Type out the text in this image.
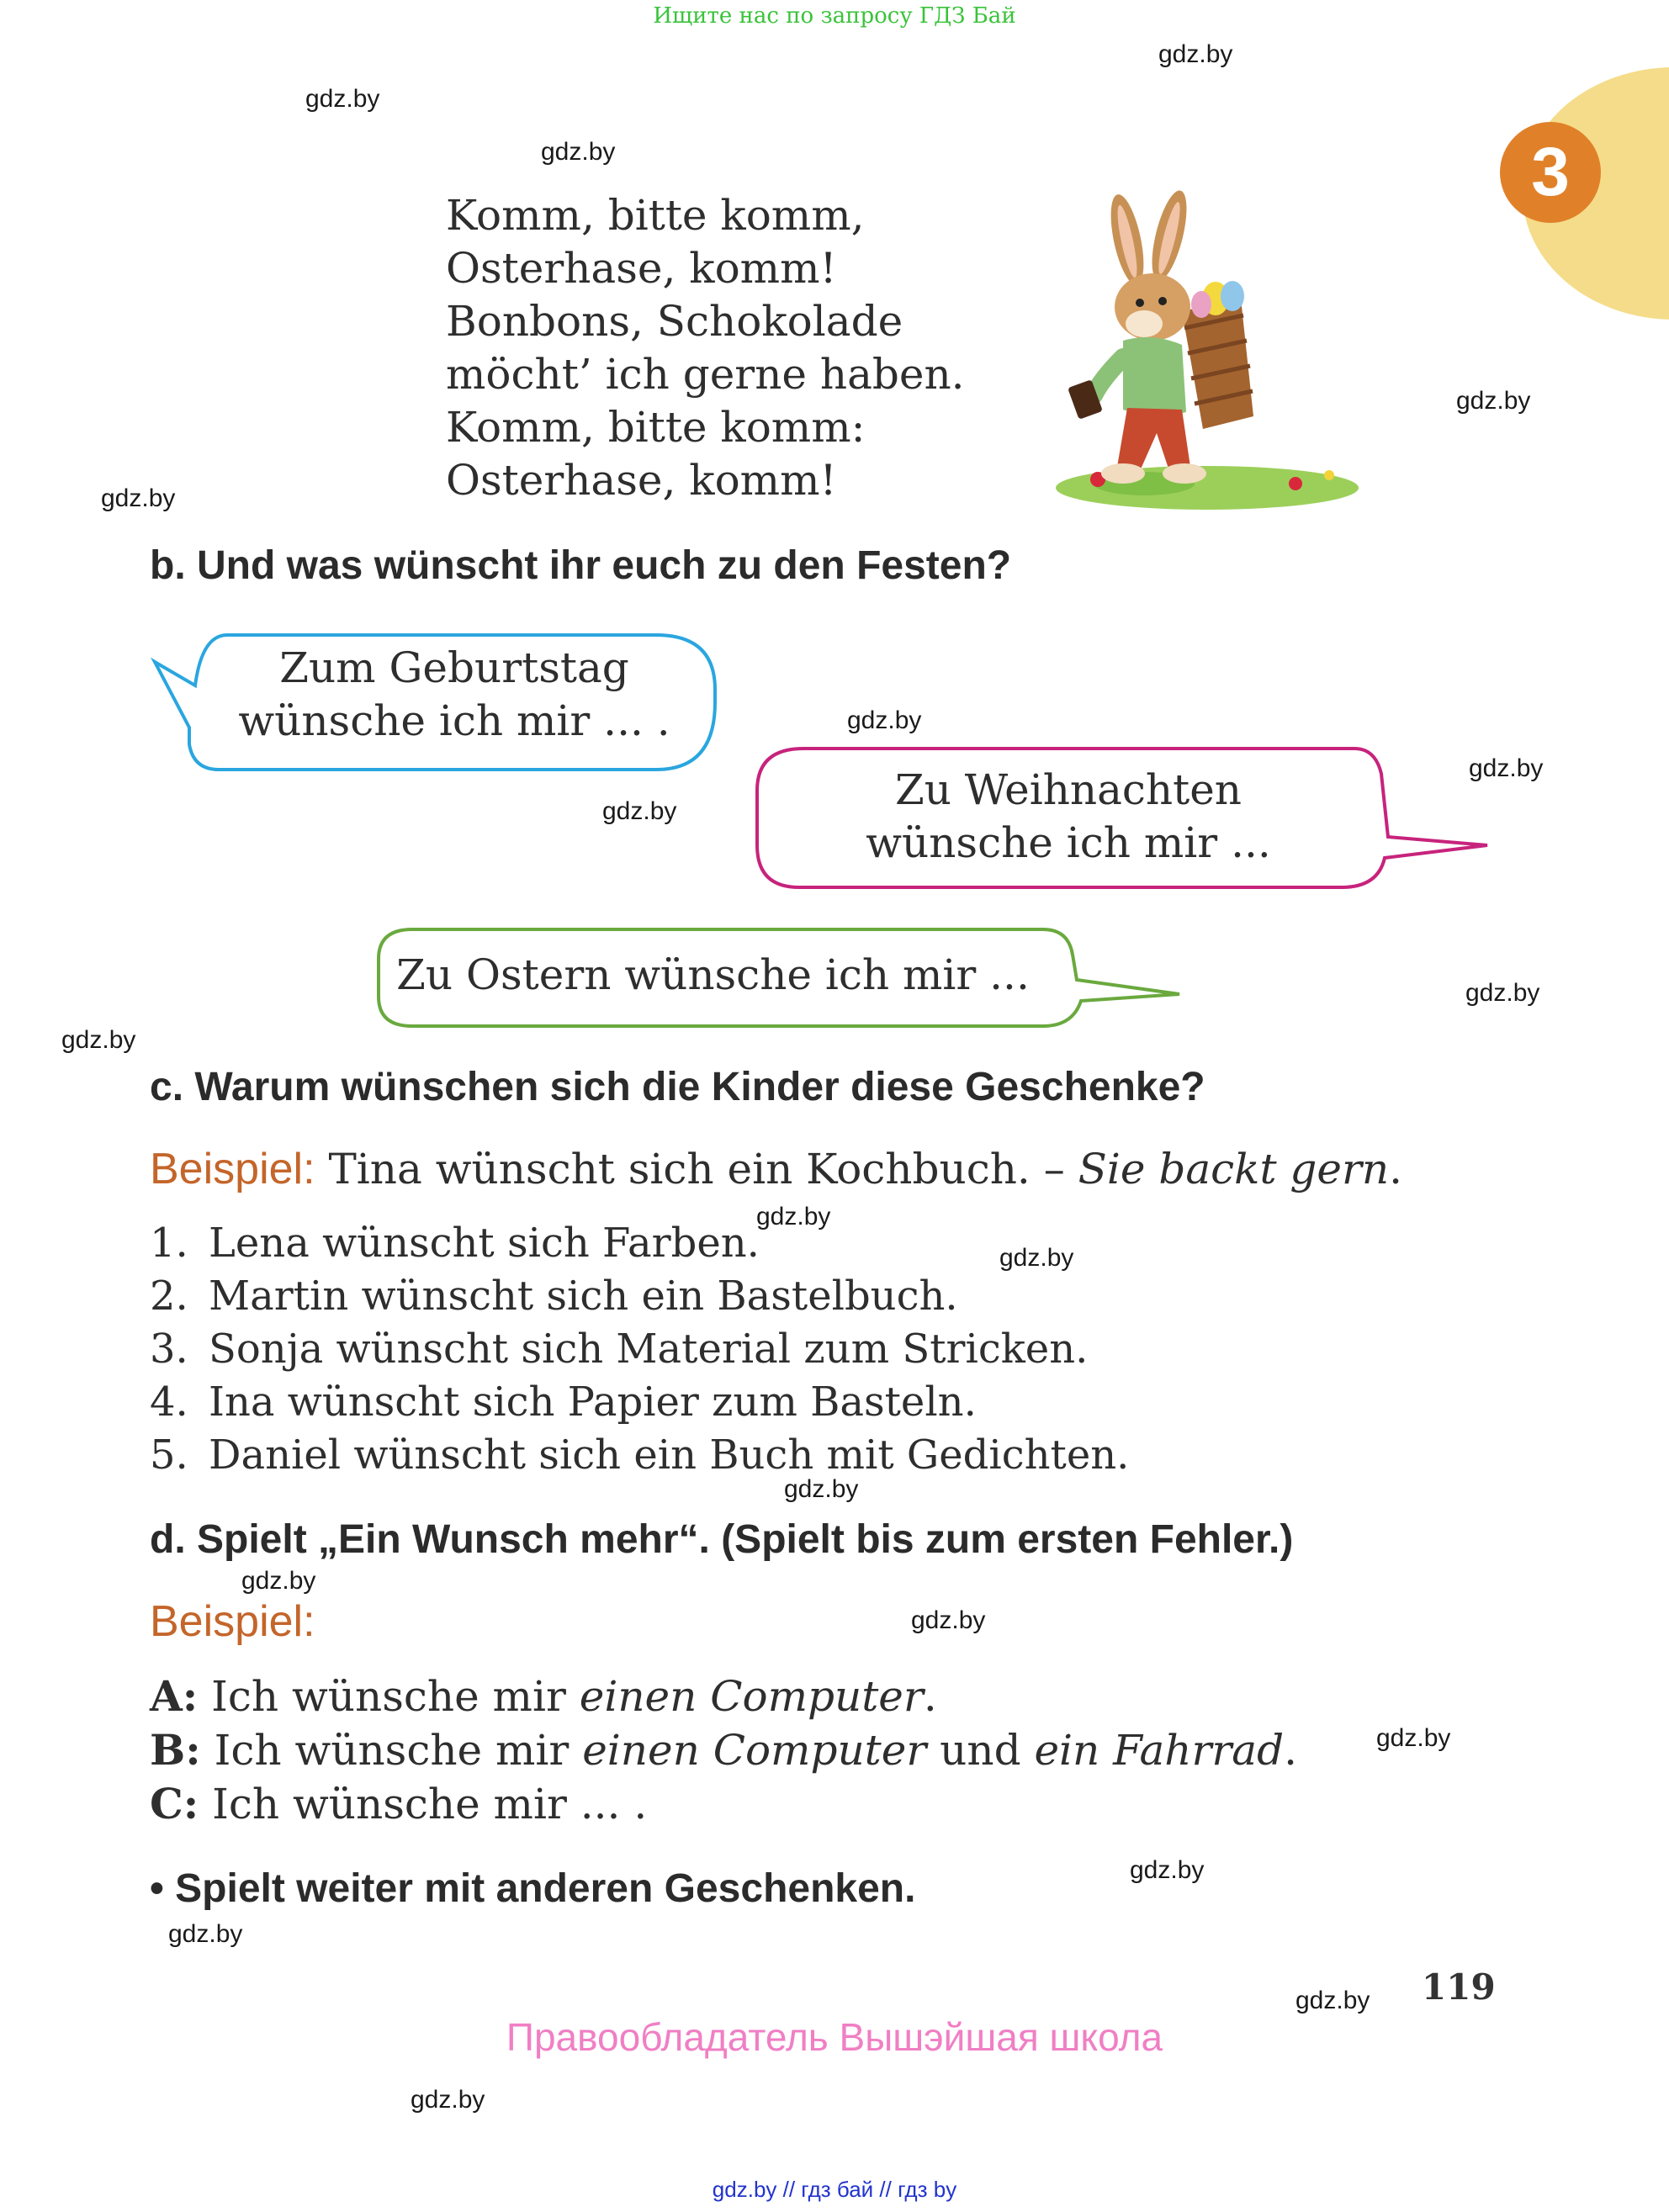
Ищите нас по запросу ГДЗ Бай
3
gdz.by
gdz.by
gdz.by
gdz.by
gdz.by
gdz.by
gdz.by
gdz.by
gdz.by
gdz.by
gdz.by
gdz.by
gdz.by
gdz.by
gdz.by
gdz.by
gdz.by
gdz.by
gdz.by
gdz.by
Komm, bitte komm,
Osterhase, komm!
Bonbons, Schokolade
möcht’ ich gerne haben.
Komm, bitte komm:
Osterhase, komm!
b. Und was wünscht ihr euch zu den Festen?
Zum Geburtstag
wünsche ich mir ... .
Zu Weihnachten
wünsche ich mir ...
Zu Ostern wünsche ich mir ...
c. Warum wünschen sich die Kinder diese Geschenke?
Beispiel: Tina wünscht sich ein Kochbuch. – Sie backt gern.
1. Lena wünscht sich Farben.
2. Martin wünscht sich ein Bastelbuch.
3. Sonja wünscht sich Material zum Stricken.
4. Ina wünscht sich Papier zum Basteln.
5. Daniel wünscht sich ein Buch mit Gedichten.
d. Spielt „Ein Wunsch mehr“. (Spielt bis zum ersten Fehler.)
Beispiel:
A: Ich wünsche mir einen Computer.
B: Ich wünsche mir einen Computer und ein Fahrrad.
C: Ich wünsche mir ... .
• Spielt weiter mit anderen Geschenken.
119
Правообладатель Вышэйшая школа
gdz.by // гдз бай // гдз by
